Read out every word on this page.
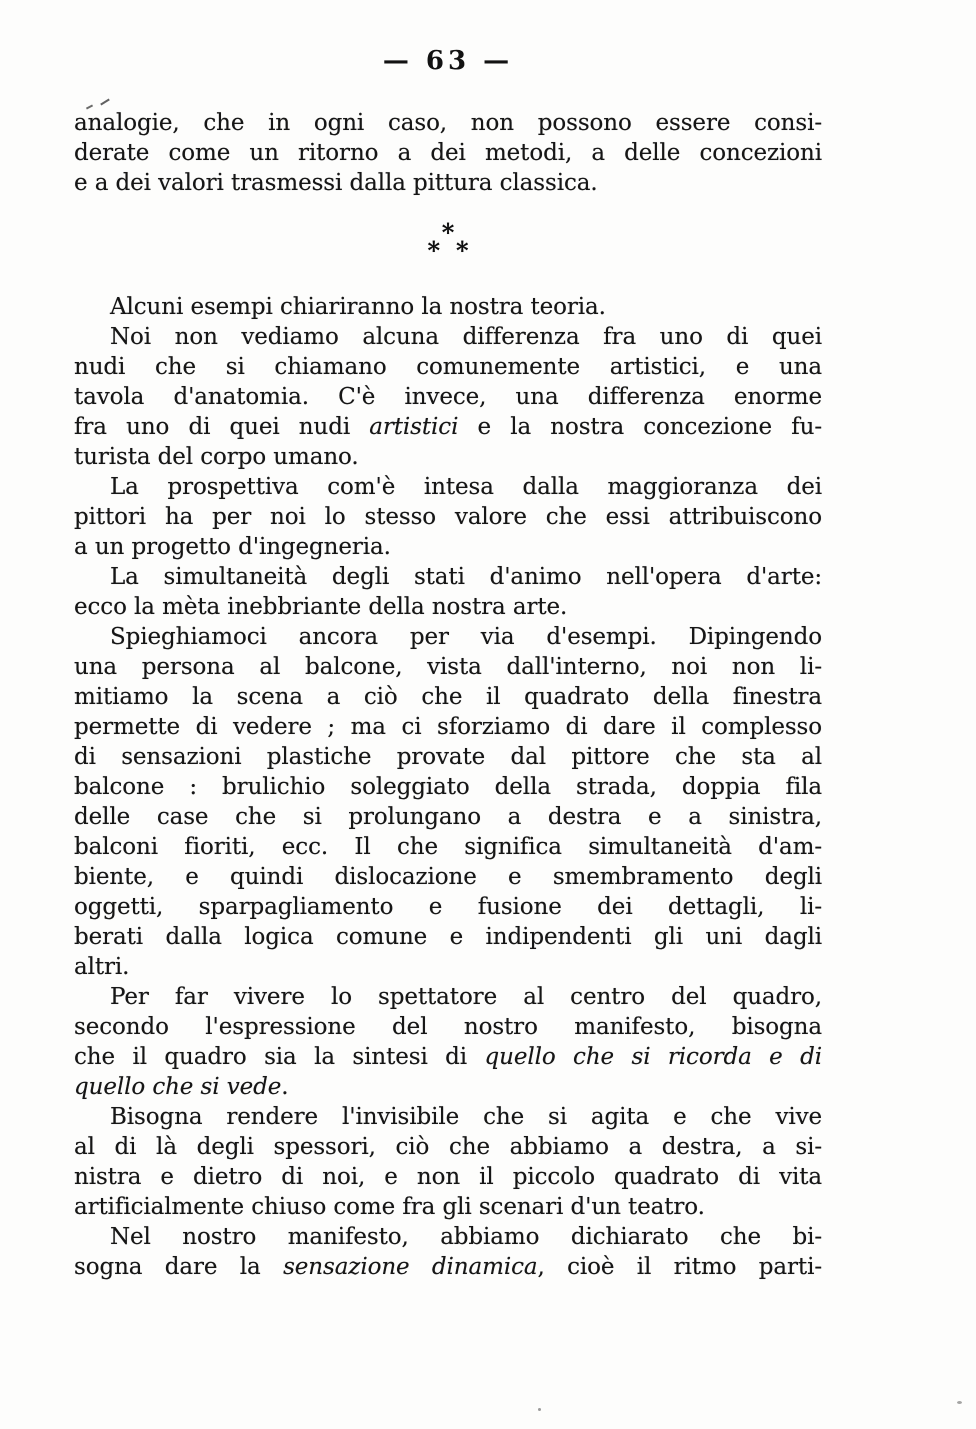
— 63 —
analogie, che in ogni caso, non possono essere consi-
derate come un ritorno a dei metodi, a delle concezioni
e a dei valori trasmessi dalla pittura classica.
*
* *
Alcuni esempi chiariranno la nostra teoria.
Noi non vediamo alcuna differenza fra uno di quei
nudi che si chiamano comunemente artistici, e una
tavola d'anatomia. C'è invece, una differenza enorme
fra uno di quei nudi artistici e la nostra concezione fu-
turista del corpo umano.
La prospettiva com'è intesa dalla maggioranza dei
pittori ha per noi lo stesso valore che essi attribuiscono
a un progetto d'ingegneria.
La simultaneità degli stati d'animo nell'opera d'arte:
ecco la mèta inebbriante della nostra arte.
Spieghiamoci ancora per via d'esempi. Dipingendo
una persona al balcone, vista dall'interno, noi non li-
mitiamo la scena a ciò che il quadrato della finestra
permette di vedere ; ma ci sforziamo di dare il complesso
di sensazioni plastiche provate dal pittore che sta al
balcone : brulichio soleggiato della strada, doppia fila
delle case che si prolungano a destra e a sinistra,
balconi fioriti, ecc. Il che significa simultaneità d'am-
biente, e quindi dislocazione e smembramento degli
oggetti, sparpagliamento e fusione dei dettagli, li-
berati dalla logica comune e indipendenti gli uni dagli
altri.
Per far vivere lo spettatore al centro del quadro,
secondo l'espressione del nostro manifesto, bisogna
che il quadro sia la sintesi di quello che si ricorda e di
quello che si vede.
Bisogna rendere l'invisibile che si agita e che vive
al di là degli spessori, ciò che abbiamo a destra, a si-
nistra e dietro di noi, e non il piccolo quadrato di vita
artificialmente chiuso come fra gli scenari d'un teatro.
Nel nostro manifesto, abbiamo dichiarato che bi-
sogna dare la sensazione dinamica, cioè il ritmo parti-
